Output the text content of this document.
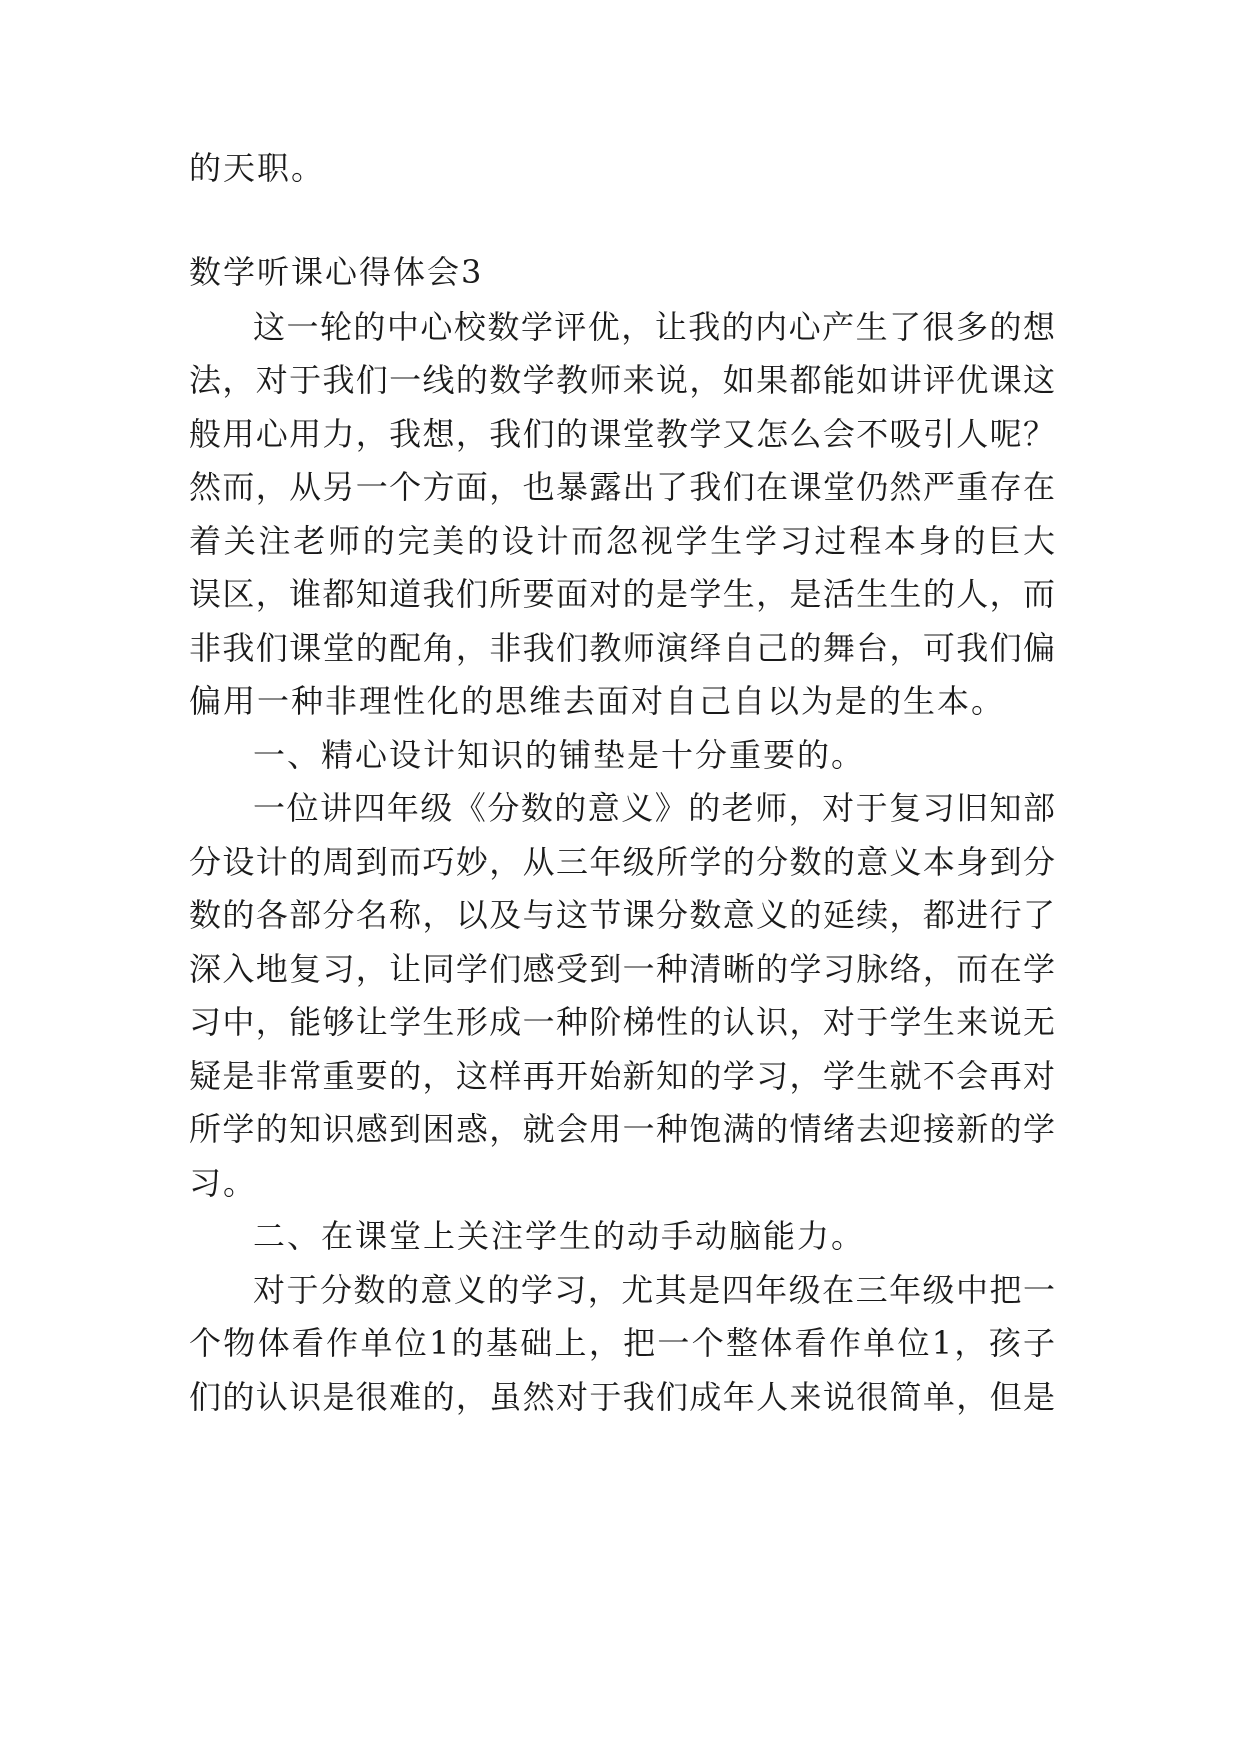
的天职。
数学听课心得体会3
这一轮的中心校数学评优，让我的内心产生了很多的想
法，对于我们一线的数学教师来说，如果都能如讲评优课这
般用心用力，我想，我们的课堂教学又怎么会不吸引人呢？
然而，从另一个方面，也暴露出了我们在课堂仍然严重存在
着关注老师的完美的设计而忽视学生学习过程本身的巨大
误区，谁都知道我们所要面对的是学生，是活生生的人，而
非我们课堂的配角，非我们教师演绎自己的舞台，可我们偏
偏用一种非理性化的思维去面对自己自以为是的生本。
一、精心设计知识的铺垫是十分重要的。
一位讲四年级《分数的意义》的老师，对于复习旧知部
分设计的周到而巧妙，从三年级所学的分数的意义本身到分
数的各部分名称，以及与这节课分数意义的延续，都进行了
深入地复习，让同学们感受到一种清晰的学习脉络，而在学
习中，能够让学生形成一种阶梯性的认识，对于学生来说无
疑是非常重要的，这样再开始新知的学习，学生就不会再对
所学的知识感到困惑，就会用一种饱满的情绪去迎接新的学
习。
二、在课堂上关注学生的动手动脑能力。
对于分数的意义的学习，尤其是四年级在三年级中把一
个物体看作单位1的基础上，把一个整体看作单位1，孩子
们的认识是很难的，虽然对于我们成年人来说很简单，但是
